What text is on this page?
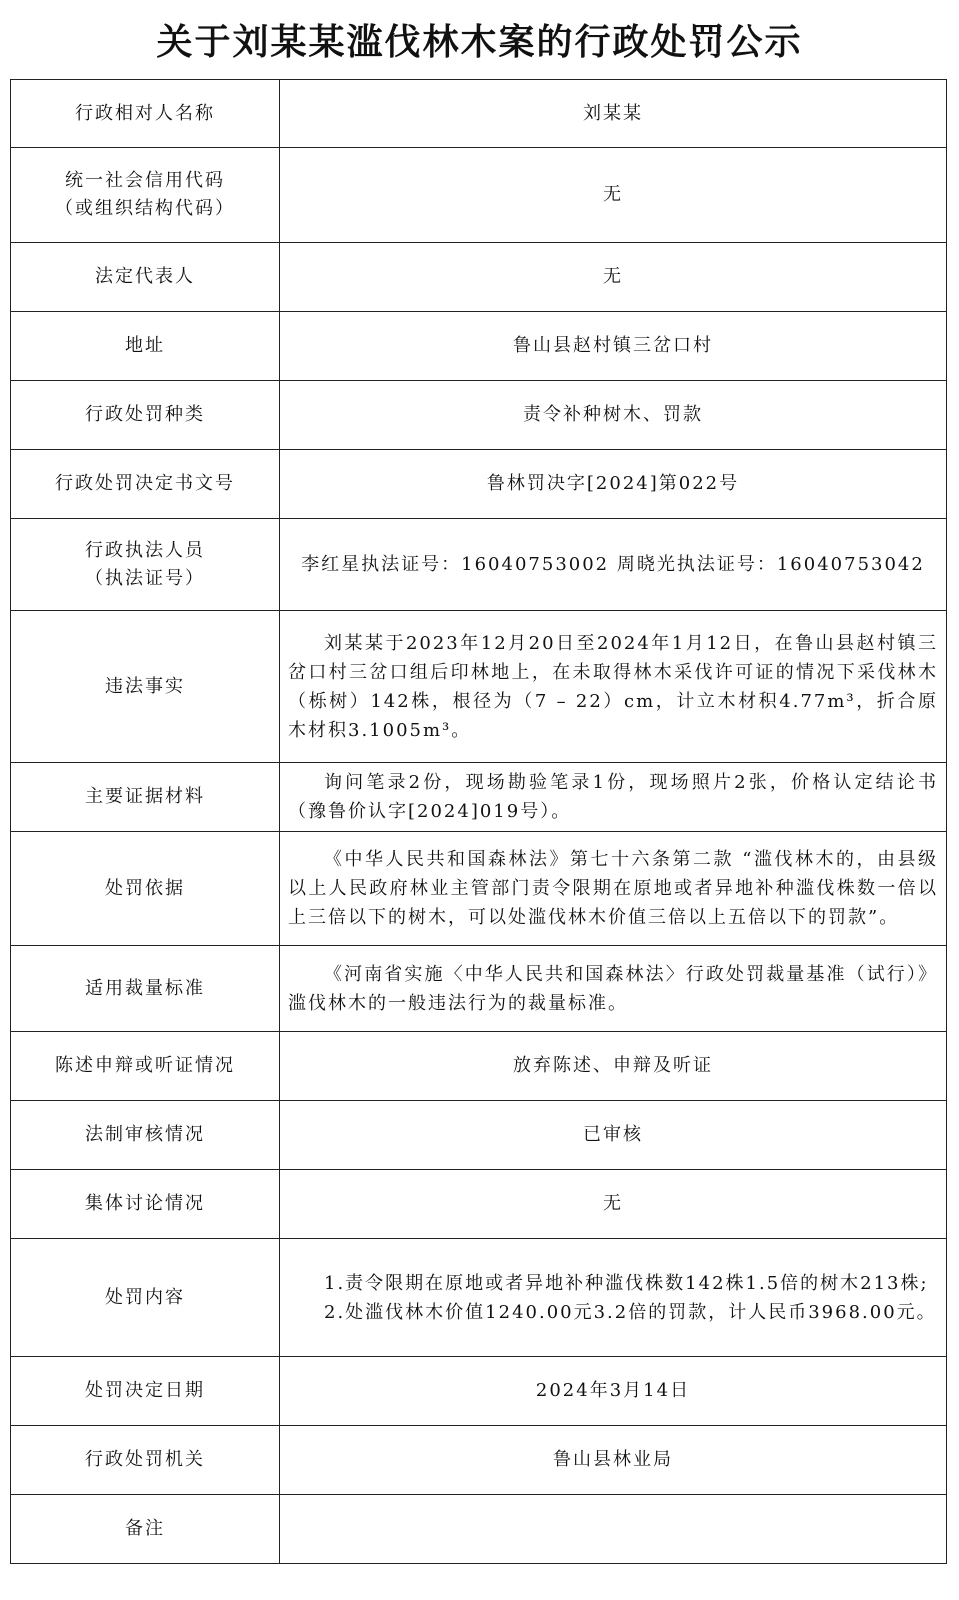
关于刘某某滥伐林木案的行政处罚公示
行政相对人名称	刘某某

统一社会信用代码
（或组织结构代码）	无
法定代表人	无
地址	鲁山县赵村镇三岔口村
行政处罚种类	责令补种树木、罚款
行政处罚决定书文号	鲁林罚决字[2024]第022号

行政执法人员
（执法证号）	李红星执法证号：16040753002 周晓光执法证号：16040753042
违法事实	刘某某于2023年12月20日至2024年1月12日，在鲁山县赵村镇三岔口村三岔口组后印林地上，在未取得林木采伐许可证的情况下采伐林木（栎树）142株，根径为（7 – 22）cm，计立木材积4.77m³，折合原木材积3.1005m³。

主要证据材料	询问笔录2份，现场勘验笔录1份，现场照片2张，价格认定结论书（豫鲁价认字[2024]019号）。

处罚依据	《中华人民共和国森林法》第七十六条第二款 “滥伐林木的，由县级以上人民政府林业主管部门责令限期在原地或者异地补种滥伐株数一倍以上三倍以下的树木，可以处滥伐林木价值三倍以上五倍以下的罚款”。

适用裁量标准	《河南省实施〈中华人民共和国森林法〉行政处罚裁量基准（试行）》滥伐林木的一般违法行为的裁量标准。

陈述申辩或听证情况	放弃陈述、申辩及听证
法制审核情况	已审核
集体讨论情况	无
处罚内容	1.责令限期在原地或者异地补种滥伐株数142株1.5倍的树木213株;

2.处滥伐林木价值1240.00元3.2倍的罚款，计人民币3968.00元。

处罚决定日期	2024年3月14日
行政处罚机关	鲁山县林业局
备注	
